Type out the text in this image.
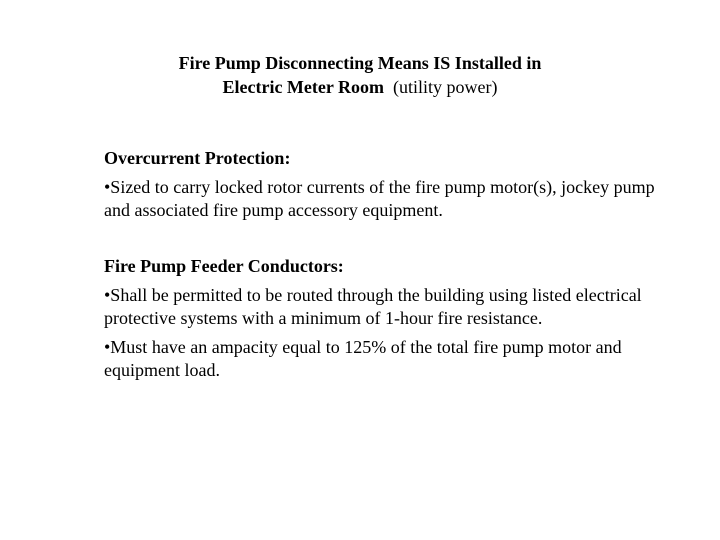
Fire Pump Disconnecting Means IS Installed in
Electric Meter Room (utility power)

Overcurrent Protection:

•Sized to carry locked rotor currents of the fire pump motor(s), jockey pump and associated fire pump accessory equipment.

Fire Pump Feeder Conductors:

•Shall be permitted to be routed through the building using listed electrical protective systems with a minimum of 1-hour fire resistance.

•Must have an ampacity equal to 125% of the total fire pump motor and equipment load.
